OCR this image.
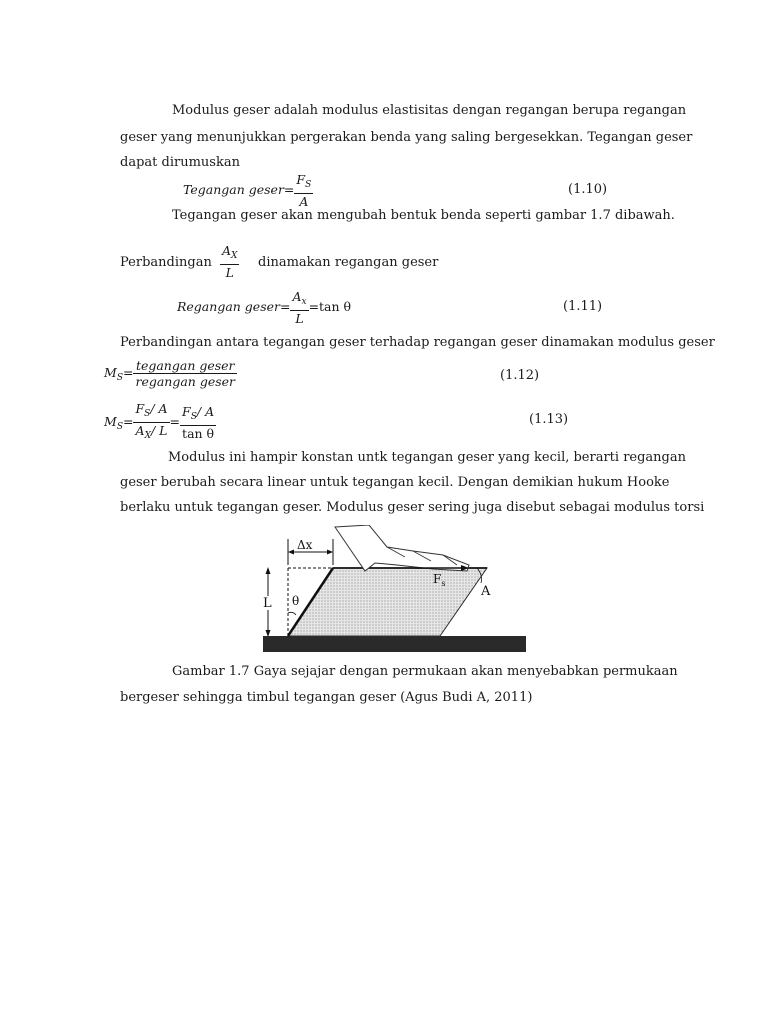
Modulus geser adalah modulus elastisitas dengan regangan berupa regangan
geser yang menunjukkan pergerakan benda yang saling bergesekkan. Tegangan geser
dapat dirumuskan
Tegangan geser= $\frac{F_S}{A}$	(1.10)
Tegangan geser akan mengubah bentuk benda seperti gambar 1.7 dibawah.
Perbandingan $\frac{A_X}{L}$ dinamakan regangan geser
Regangan geser= $\frac{A_x}{L} =\tan$ θ	(1.11)
Perbandingan antara tegangan geser terhadap regangan geser dinamakan modulus geser
$M_S= \frac{\text{tegangan geser}}{\text{regangan geser}}$	(1.12)
$M_S= \frac{F_S/ A}{A_X/ L} = \frac{F_S/ A}{\text{tan θ}}$	(1.13)
Modulus ini hampir konstan untk tegangan geser yang kecil, berarti regangan
geser berubah secara linear untuk tegangan kecil. Dengan demikian hukum Hooke
berlaku untuk tegangan geser. Modulus geser sering juga disebut sebagai modulus torsi
Δx
L θ
$F_s$
A
Gambar 1.7 Gaya sejajar dengan permukaan akan menyebabkan permukaan
bergeser sehingga timbul tegangan geser (Agus Budi A, 2011)
